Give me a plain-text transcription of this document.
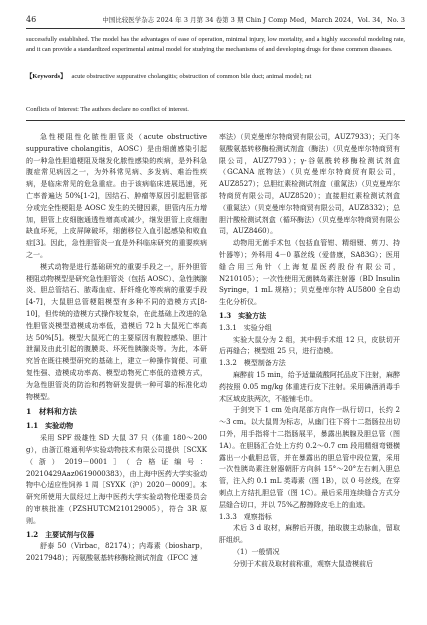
46	中国比较医学杂志 2024 年 3 月第 34 卷第 3 期 Chin J Comp Med，March 2024，Vol. 34，No. 3

successfully established. The model has the advantages of ease of operation, minimal injury, low mortality, and a highly successful modeling rate, and it can provide a standardized experimental animal model for studying the mechanisms of and developing drugs for these common diseases.

【Keywords】 acute obstructive suppurative cholangitis; obstruction of common bile duct; animal model; rat

Conflicts of Interest: The authors declare no conflict of interest.

急性梗阻性化脓性胆管炎（acute obstructive suppurative cholangitis，AOSC）是由细菌感染引起的一种急性胆道梗阻及继发化脓性感染的疾病，是外科急腹症常见病因之一，为外科常见病、多发病、难治性疾病，是临床常见的危急重症。由于该病临床进展迅速，死亡率普遍达 50%[1-2]，因结石、肿瘤等原因引起胆管部分或完全性梗阻是 AOSC 发生的关键因素，胆管内压力增加，胆管上皮细胞通透性增高或减少，继发胆管上皮细胞缺血坏死，上皮屏障破坏，细菌移位入血引起感染和败血症[3]。因此，急性胆管炎一直是外科临床研究的重要疾病之一。

模式动物是进行基础研究的重要手段之一，肝外胆管梗阻动物模型是研究急性胆管炎（包括 AOSC）、急性胰腺炎、胆总管结石、脓毒血症、肝纤维化等疾病的重要手段[4-7]，大鼠胆总管梗阻模型有多种不同的造模方式[8-10]，但传统的造模方式操作较复杂，在此基础上改进的急性胆管炎模型造模成功率低，造模后 72 h 大鼠死亡率高达 50%[5]。模型大鼠死亡的主要原因有腹腔感染、胆汁泄漏及由此引起的腹膜炎、坏死性胰腺炎等。为此，本研究旨在既往模型研究的基础上，建立一种操作简便、可重复性强、造模成功率高、模型动物死亡率低的造模方式，为急性胆管炎的防治和药物研发提供一种可靠的标准化动物模型。

1　材料和方法
1.1　实验动物

采用 SPF 级雄性 SD 大鼠 37 只（体重 180～200 g），由浙江维通利华实验动物技术有限公司提供［SCXK（浙）2019－0001］（合格证编号：20210429Aaz0619000383），由上海中医药大学实验动物中心适应性饲养 1 周［SYXK（沪）2020－0009］。本研究所使用大鼠经过上海中医药大学实验动物伦理委员会的审核批准（PZSHUTCM210129005），符合 3R 原则。

1.2　主要试剂与仪器

舒泰 50（Virbac，82174）；内毒素（biosharp，20217948）；丙氨酸氨基转移酶检测试剂盒（IFCC 速

率法）（贝克曼库尔特商贸有限公司，AUZ7933）；天门冬氨酸氨基转移酶检测试剂盒（酶法）（贝克曼库尔特商贸有限公司，AUZ7793）；γ-谷氨酰转移酶检测试剂盒（GCANA 底物法）（贝克曼库尔特商贸有限公司，AUZ8527）；总胆红素检测试剂盒（重氮法）（贝克曼库尔特商贸有限公司，AUZ8520）；直接胆红素检测试剂盒（重氮法）（贝克曼库尔特商贸有限公司，AUZ8332）；总胆汁酸检测试剂盒（循环酶法）（贝克曼库尔特商贸有限公司，AUZ8460）。

动物用无菌手术包（包括血管钳、精细镊、剪刀、持针器等）；外科用 4－0 慕丝线（爱普康，SA83G）；医用缝合用三角针（上海复星医药股份有限公司，N210105）；一次性使用无菌胰岛素注射器（BD Insulin Syringe，1 mL 规格）；贝克曼库尔特 AU5800 全自动生化分析仪。

1.3　实验方法
1.3.1　实验分组

实验大鼠分为 2 组，其中假手术组 12 只，皮肤切开后再缝合；模型组 25 只，进行造模。

1.3.2　模型制备方法

麻醉前 15 min，给予适量硫酸阿托品皮下注射，麻醉药按照 0.05 mg/kg 体重进行皮下注射。采用碘酒消毒手术区域皮肤两次，不能铺毛巾。

于剑突下 1 cm 处向尾部方向作一纵行切口，长约 2～3 cm。以大鼠胃为标志，从幽门往下将十二指肠拉出切口外，用手指将十二指肠展平，暴露出胰腺及胆总管（图 1A）。在胆肠汇合处上方约 0.2～0.7 cm 段用精细弯镊横露出一小截胆总管，并在暴露出的胆总管中段位置，采用一次性胰岛素注射器朝肝方向斜 15°～20°左右刺入胆总管，注入约 0.1 mL 类毒素（图 1B），以 0 号丝线，在穿刺点上方结扎胆总管（图 1C）。最后采用连续缝合方式分层缝合切口，并以 75%乙醇擦除皮毛上的血迹。

1.3.3　观察指标

术后 3 d 取材，麻醉后开腹，抽取腹主动脉血，留取肝组织。

（1）一般情况

分别于术前及取材前称重，观察大鼠造模前后
